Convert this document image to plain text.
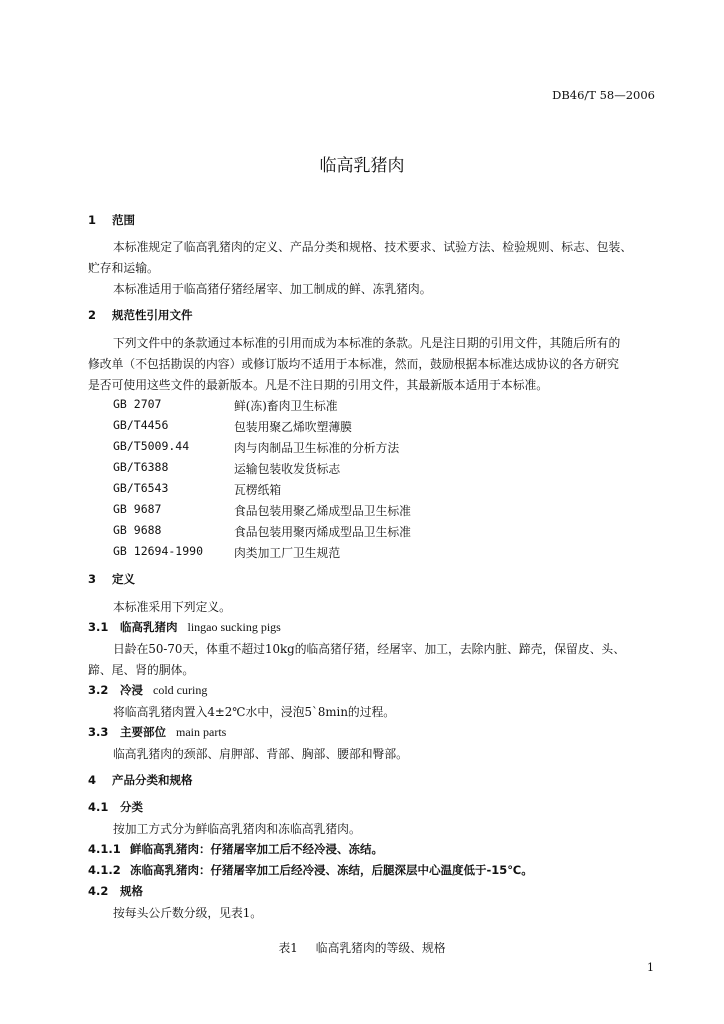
DB46/T 58—2006
临高乳猪肉
1 范围
本标准规定了临高乳猪肉的定义、产品分类和规格、技术要求、试验方法、检验规则、标志、包装、
贮存和运输。
本标准适用于临高猪仔猪经屠宰、加工制成的鲜、冻乳猪肉。
2 规范性引用文件
下列文件中的条款通过本标准的引用而成为本标准的条款。凡是注日期的引用文件，其随后所有的
修改单（不包括勘误的内容）或修订版均不适用于本标准，然而，鼓励根据本标准达成协议的各方研究
是否可使用这些文件的最新版本。凡是不注日期的引用文件，其最新版本适用于本标准。
GB 2707	鲜(冻)畜肉卫生标准
GB/T4456	包装用聚乙烯吹塑薄膜
GB/T5009.44	肉与肉制品卫生标准的分析方法
GB/T6388	运输包装收发货标志
GB/T6543	瓦楞纸箱
GB 9687	食品包装用聚乙烯成型品卫生标准
GB 9688	食品包装用聚丙烯成型品卫生标准
GB 12694-1990	肉类加工厂卫生规范
3 定义
本标准采用下列定义。
3.1 临高乳猪肉 lingao sucking pigs
日龄在50-70天，体重不超过10kg的临高猪仔猪，经屠宰、加工，去除内脏、蹄壳，保留皮、头、
蹄、尾、肾的胴体。
3.2 冷浸 cold curing
将临高乳猪肉置入4±2℃水中，浸泡5`8min的过程。
3.3 主要部位 main parts
临高乳猪肉的颈部、肩胛部、背部、胸部、腰部和臀部。
4 产品分类和规格
4.1 分类
按加工方式分为鲜临高乳猪肉和冻临高乳猪肉。
4.1.1 鲜临高乳猪肉：仔猪屠宰加工后不经冷浸、冻结。
4.1.2 冻临高乳猪肉：仔猪屠宰加工后经冷浸、冻结，后腿深层中心温度低于-15℃。
4.2 规格
按每头公斤数分级，见表1。
表1 临高乳猪肉的等级、规格
1
